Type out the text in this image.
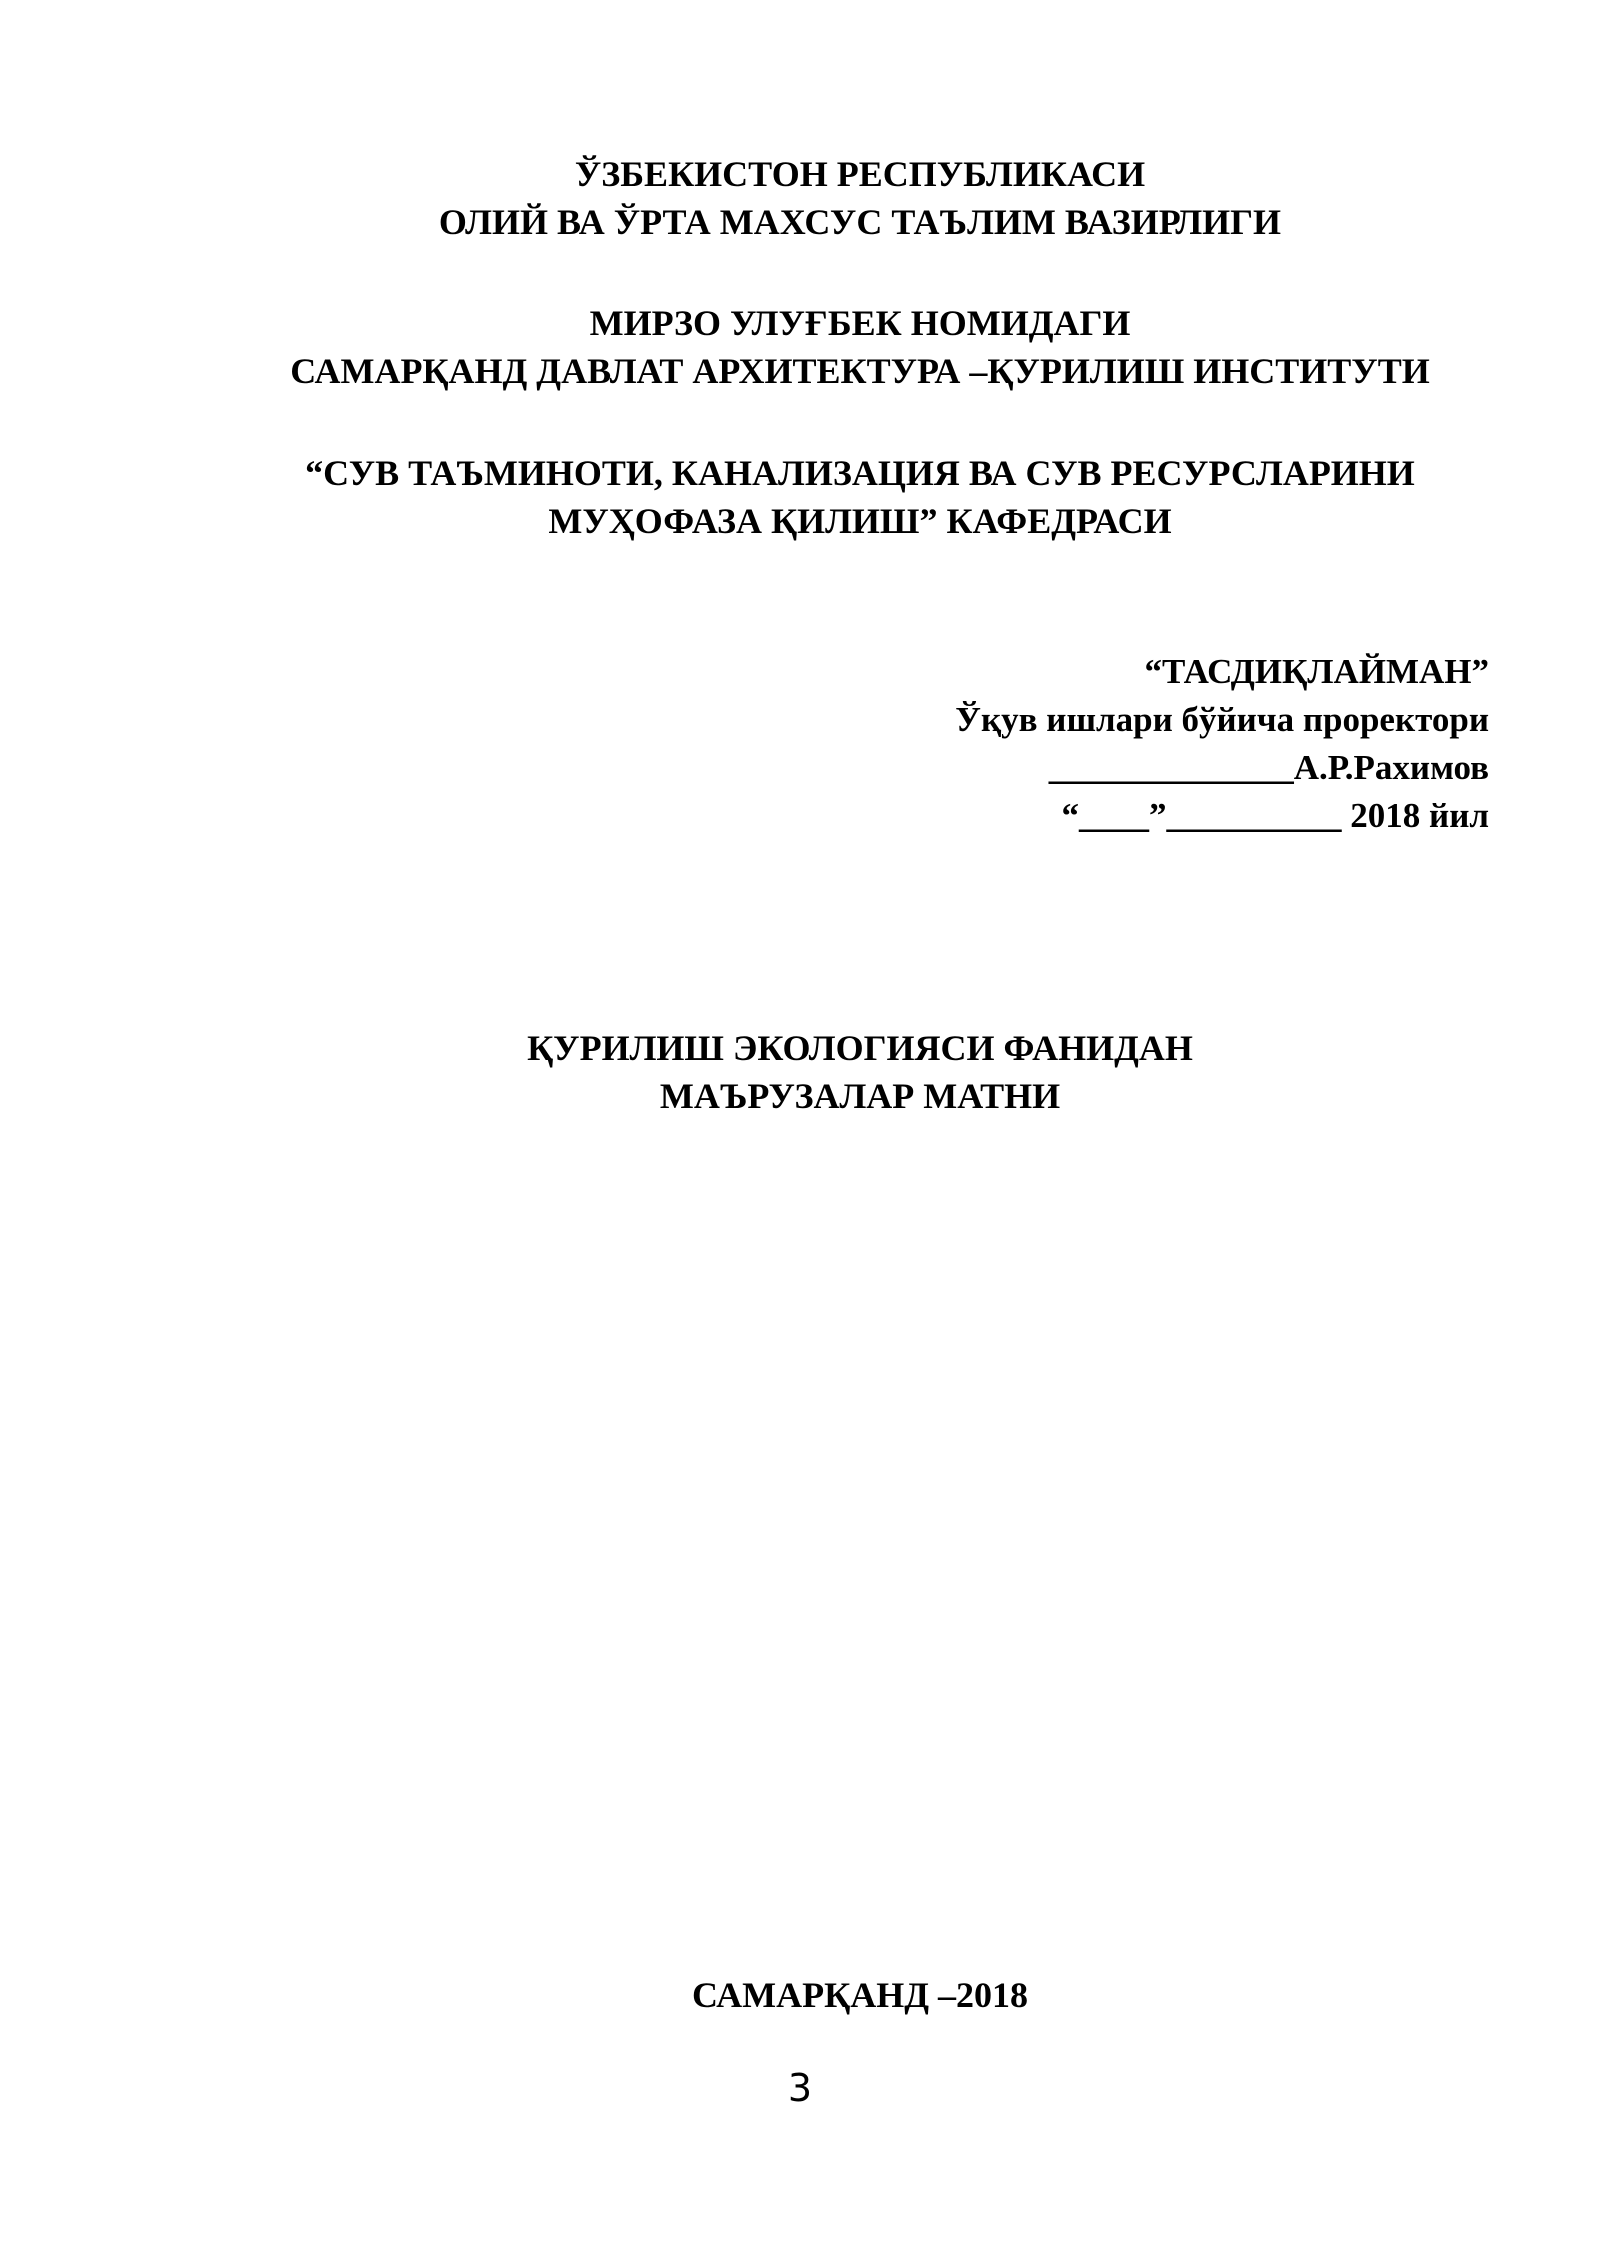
ЎЗБЕКИСТОН РЕСПУБЛИКАСИ
ОЛИЙ ВА ЎРТА МАХСУС ТАЪЛИМ ВАЗИРЛИГИ
МИРЗО УЛУҒБЕК НОМИДАГИ
САМАРҚАНД ДАВЛАТ АРХИТЕКТУРА –ҚУРИЛИШ ИНСТИТУТИ
“СУВ ТАЪМИНОТИ, КАНАЛИЗАЦИЯ ВА СУВ РЕСУРСЛАРИНИ
МУҲОФАЗА ҚИЛИШ” КАФЕДРАСИ
“ТАСДИҚЛАЙМАН”
Ўқув ишлари бўйича проректори
______________А.Р.Рахимов
“____”__________ 2018 йил
ҚУРИЛИШ ЭКОЛОГИЯСИ ФАНИДАН
МАЪРУЗАЛАР МАТНИ
САМАРҚАНД –2018
3
